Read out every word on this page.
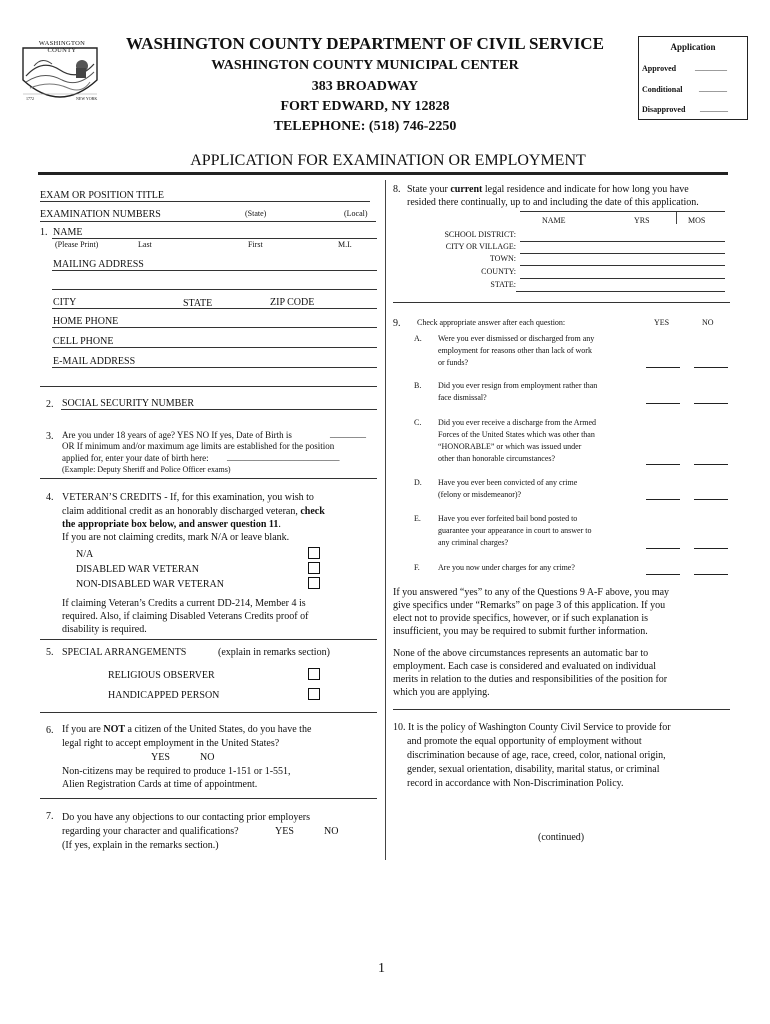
WASHINGTON COUNTY
1772	NEW YORK
WASHINGTON COUNTY DEPARTMENT OF CIVIL SERVICE
WASHINGTON COUNTY MUNICIPAL CENTER
383 BROADWAY
FORT EDWARD, NY 12828
TELEPHONE: (518) 746-2250
Application
Approved ________
Conditional _______
Disapproved _______
APPLICATION FOR EXAMINATION OR EMPLOYMENT
EXAM OR POSITION TITLE
EXAMINATION NUMBERS	(State)	(Local)
1. NAME
(Please Print)	Last	First	M.I.
MAILING ADDRESS
CITY	STATE	ZIP CODE
HOME PHONE
CELL PHONE
E-MAIL ADDRESS
2. SOCIAL SECURITY NUMBER
3. Are you under 18 years of age? YES NO If yes, Date of Birth is	________
OR If minimum and/or maximum age limits are established for the position
applied for, enter your date of birth here: _________________________
(Example: Deputy Sheriff and Police Officer exams)
4. VETERAN’S CREDITS - If, for this examination, you wish to
claim additional credit as an honorably discharged veteran, check
the appropriate box below, and answer question 11.
If you are not claiming credits, mark N/A or leave blank.
N/A
DISABLED WAR VETERAN
NON-DISABLED WAR VETERAN
If claiming Veteran’s Credits a current DD-214, Member 4 is
required. Also, if claiming Disabled Veterans Credits proof of
disability is required.
5. SPECIAL ARRANGEMENTS	(explain in remarks section)
RELIGIOUS OBSERVER
HANDICAPPED PERSON
6. If you are NOT a citizen of the United States, do you have the
legal right to accept employment in the United States?
YES	NO
Non-citizens may be required to produce 1-151 or 1-551,
Alien Registration Cards at time of appointment.
7. Do you have any objections to our contacting prior employers
regarding your character and qualifications?	YES	NO
(If yes, explain in the remarks section.)
8. State your current legal residence and indicate for how long you have
resided there continually, up to and including the date of this application.
NAME	YRS	MOS
SCHOOL DISTRICT:
CITY OR VILLAGE:
TOWN:
COUNTY:
STATE:
9. Check appropriate answer after each question:	YES	NO
A. Were you ever dismissed or discharged from any
employment for reasons other than lack of work
or funds?
B. Did you ever resign from employment rather than
face dismissal?
C. Did you ever receive a discharge from the Armed
Forces of the United States which was other than
“HONORABLE” or which was issued under
other than honorable circumstances?
D. Have you ever been convicted of any crime
(felony or misdemeanor)?
E. Have you ever forfeited bail bond posted to
guarantee your appearance in court to answer to
any criminal charges?
F. Are you now under charges for any crime?
If you answered “yes” to any of the Questions 9 A-F above, you may
give specifics under “Remarks” on page 3 of this application. If you
elect not to provide specifics, however, or if such explanation is
insufficient, you may be required to submit further information.
None of the above circumstances represents an automatic bar to
employment. Each case is considered and evaluated on individual
merits in relation to the duties and responsibilities of the position for
which you are applying.
10. It is the policy of Washington County Civil Service to provide for
and promote the equal opportunity of employment without
discrimination because of age, race, creed, color, national origin,
gender, sexual orientation, disability, marital status, or criminal
record in accordance with Non-Discrimination Policy.
(continued)
1
